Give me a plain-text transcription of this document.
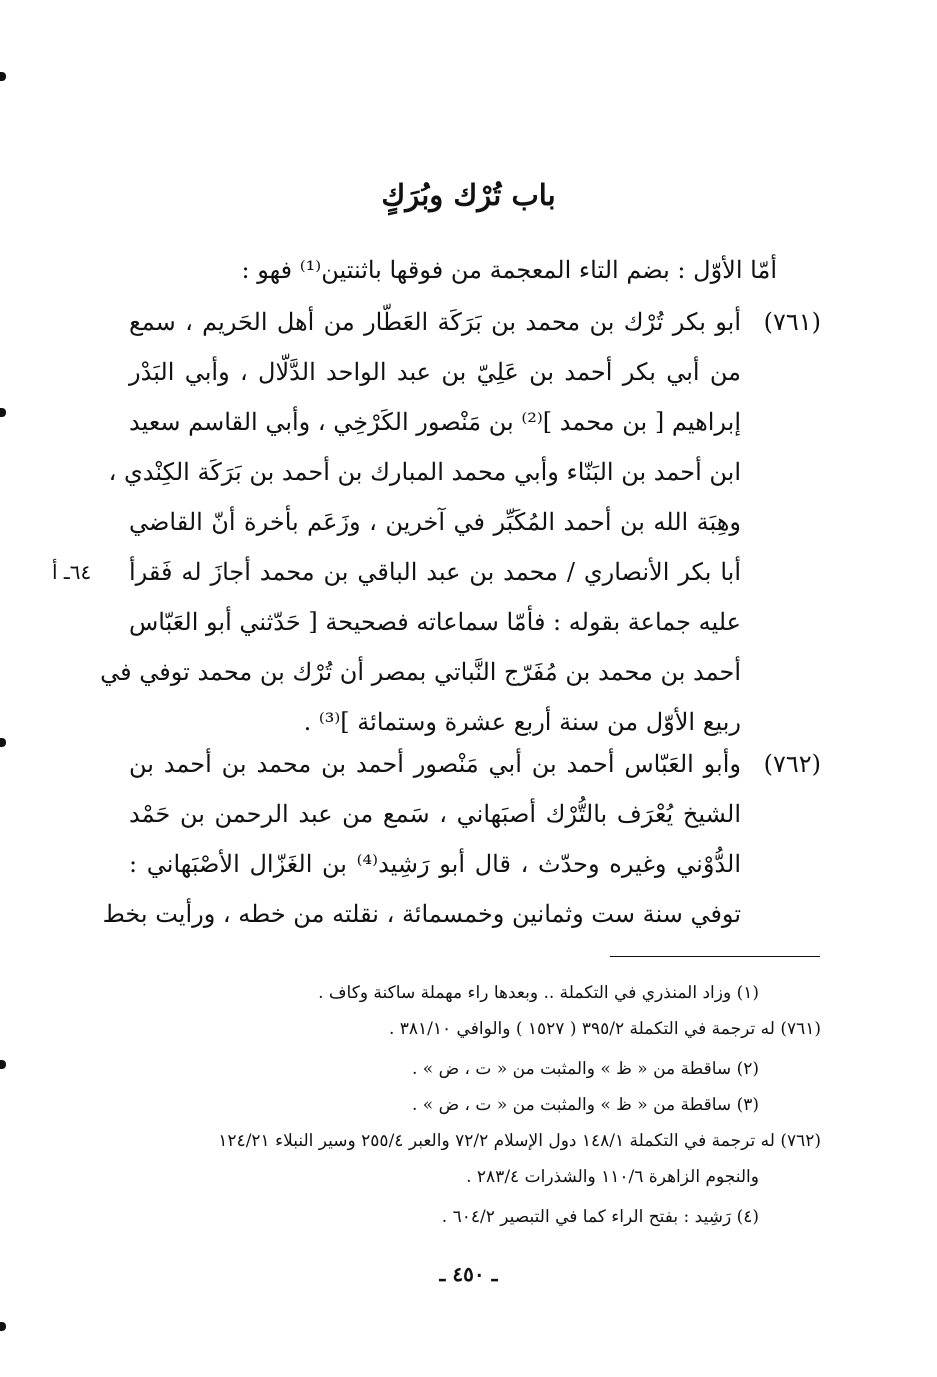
باب تُرْك وبُرَكٍ
أمّا الأوّل : بضم التاء المعجمة من فوقها باثنتين⁽¹⁾ فهو :
(٧٦١)
أبو بكر تُرْك بن محمد بن بَرَكَة العَطّار من أهل الحَريم ، سمع
من أبي بكر أحمد بن عَلِيّ بن عبد الواحد الدَّلّال ، وأبي البَدْر
إبراهيم [ بن محمد ]⁽²⁾ بن مَنْصور الكَرْخِي ، وأبي القاسم سعيد
ابن أحمد بن البَنّاء وأبي محمد المبارك بن أحمد بن بَرَكَة الكِنْدي ،
وهِبَة الله بن أحمد المُكَبِّر في آخرين ، وزَعَم بأخرة أنّ القاضي
أبا بكر الأنصاري / محمد بن عبد الباقي بن محمد أجازَ له فَقرأ
٦٤ـ أ
عليه جماعة بقوله : فأمّا سماعاته فصحيحة [ حَدّثني أبو العَبّاس
أحمد بن محمد بن مُفَرّج النَّباتي بمصر أن تُرْك بن محمد توفي في
ربيع الأوّل من سنة أربع عشرة وستمائة ]⁽³⁾ .
(٧٦٢)
وأبو العَبّاس أحمد بن أبي مَنْصور أحمد بن محمد بن أحمد بن
الشيخ يُعْرَف بالتُّرْك أصبَهاني ، سَمع من عبد الرحمن بن حَمْد
الدُّوْني وغيره وحدّث ، قال أبو رَشِيد⁽⁴⁾ بن الغَزّال الأصْبَهاني :
توفي سنة ست وثمانين وخمسمائة ، نقلته من خطه ، ورأيت بخط
(١) وزاد المنذري في التكملة .. وبعدها راء مهملة ساكنة وكاف .
(٧٦١) له ترجمة في التكملة ٣٩٥/٢ ( ١٥٢٧ ) والوافي ٣٨١/١٠ .
(٢) ساقطة من « ظ » والمثبت من « ت ، ض » .
(٣) ساقطة من « ظ » والمثبت من « ت ، ض » .
(٧٦٢) له ترجمة في التكملة ١٤٨/١ دول الإسلام ٧٢/٢ والعبر ٢٥٥/٤ وسير النبلاء ١٢٤/٢١
والنجوم الزاهرة ١١٠/٦ والشذرات ٢٨٣/٤ .
(٤) رَشِيد : بفتح الراء كما في التبصير ٦٠٤/٢ .
ـ ٤٥٠ ـ
